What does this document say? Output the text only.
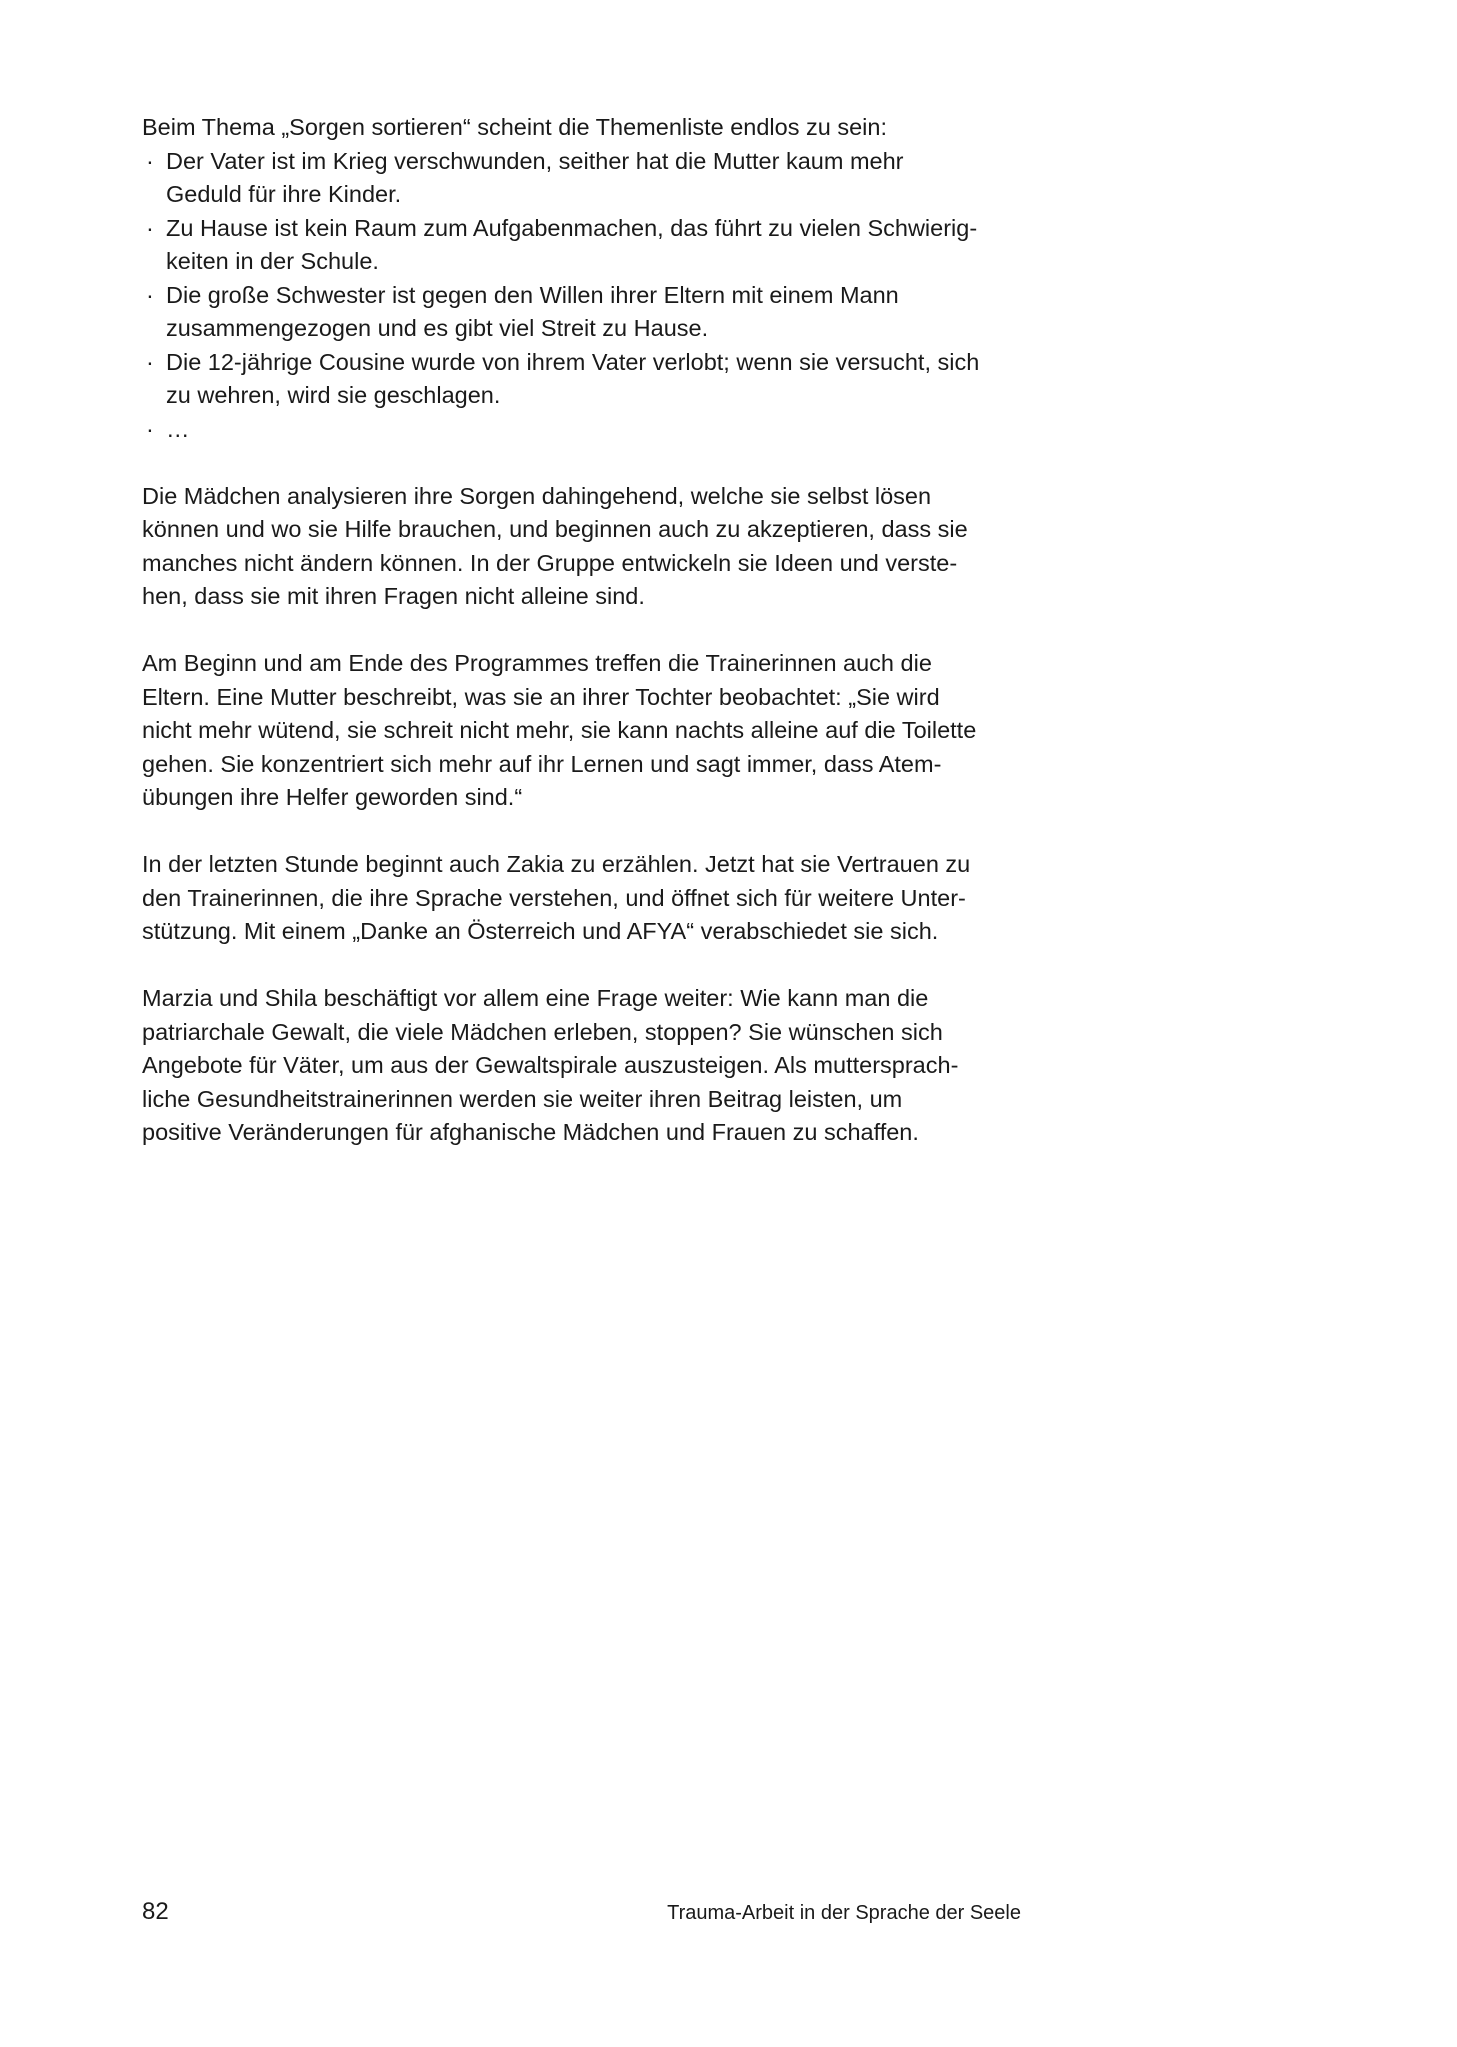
Beim Thema „Sorgen sortieren“ scheint die Themenliste endlos zu sein:

· Der Vater ist im Krieg verschwunden, seither hat die Mutter kaum mehr
Geduld für ihre Kinder.
· Zu Hause ist kein Raum zum Aufgabenmachen, das führt zu vielen Schwierig-
keiten in der Schule.
· Die große Schwester ist gegen den Willen ihrer Eltern mit einem Mann
zusammengezogen und es gibt viel Streit zu Hause.
· Die 12-jährige Cousine wurde von ihrem Vater verlobt; wenn sie versucht, sich
zu wehren, wird sie geschlagen.
· …

Die Mädchen analysieren ihre Sorgen dahingehend, welche sie selbst lösen
können und wo sie Hilfe brauchen, und beginnen auch zu akzeptieren, dass sie
manches nicht ändern können. In der Gruppe entwickeln sie Ideen und verste-
hen, dass sie mit ihren Fragen nicht alleine sind.

Am Beginn und am Ende des Programmes treffen die Trainerinnen auch die
Eltern. Eine Mutter beschreibt, was sie an ihrer Tochter beobachtet: „Sie wird
nicht mehr wütend, sie schreit nicht mehr, sie kann nachts alleine auf die Toilette
gehen. Sie konzentriert sich mehr auf ihr Lernen und sagt immer, dass Atem-
übungen ihre Helfer geworden sind.“

In der letzten Stunde beginnt auch Zakia zu erzählen. Jetzt hat sie Vertrauen zu
den Trainerinnen, die ihre Sprache verstehen, und öffnet sich für weitere Unter-
stützung. Mit einem „Danke an Österreich und AFYA“ verabschiedet sie sich.

Marzia und Shila beschäftigt vor allem eine Frage weiter: Wie kann man die
patriarchale Gewalt, die viele Mädchen erleben, stoppen? Sie wünschen sich
Angebote für Väter, um aus der Gewaltspirale auszusteigen. Als muttersprach-
liche Gesundheitstrainerinnen werden sie weiter ihren Beitrag leisten, um
positive Veränderungen für afghanische Mädchen und Frauen zu schaffen.

82	Trauma-Arbeit in der Sprache der Seele
